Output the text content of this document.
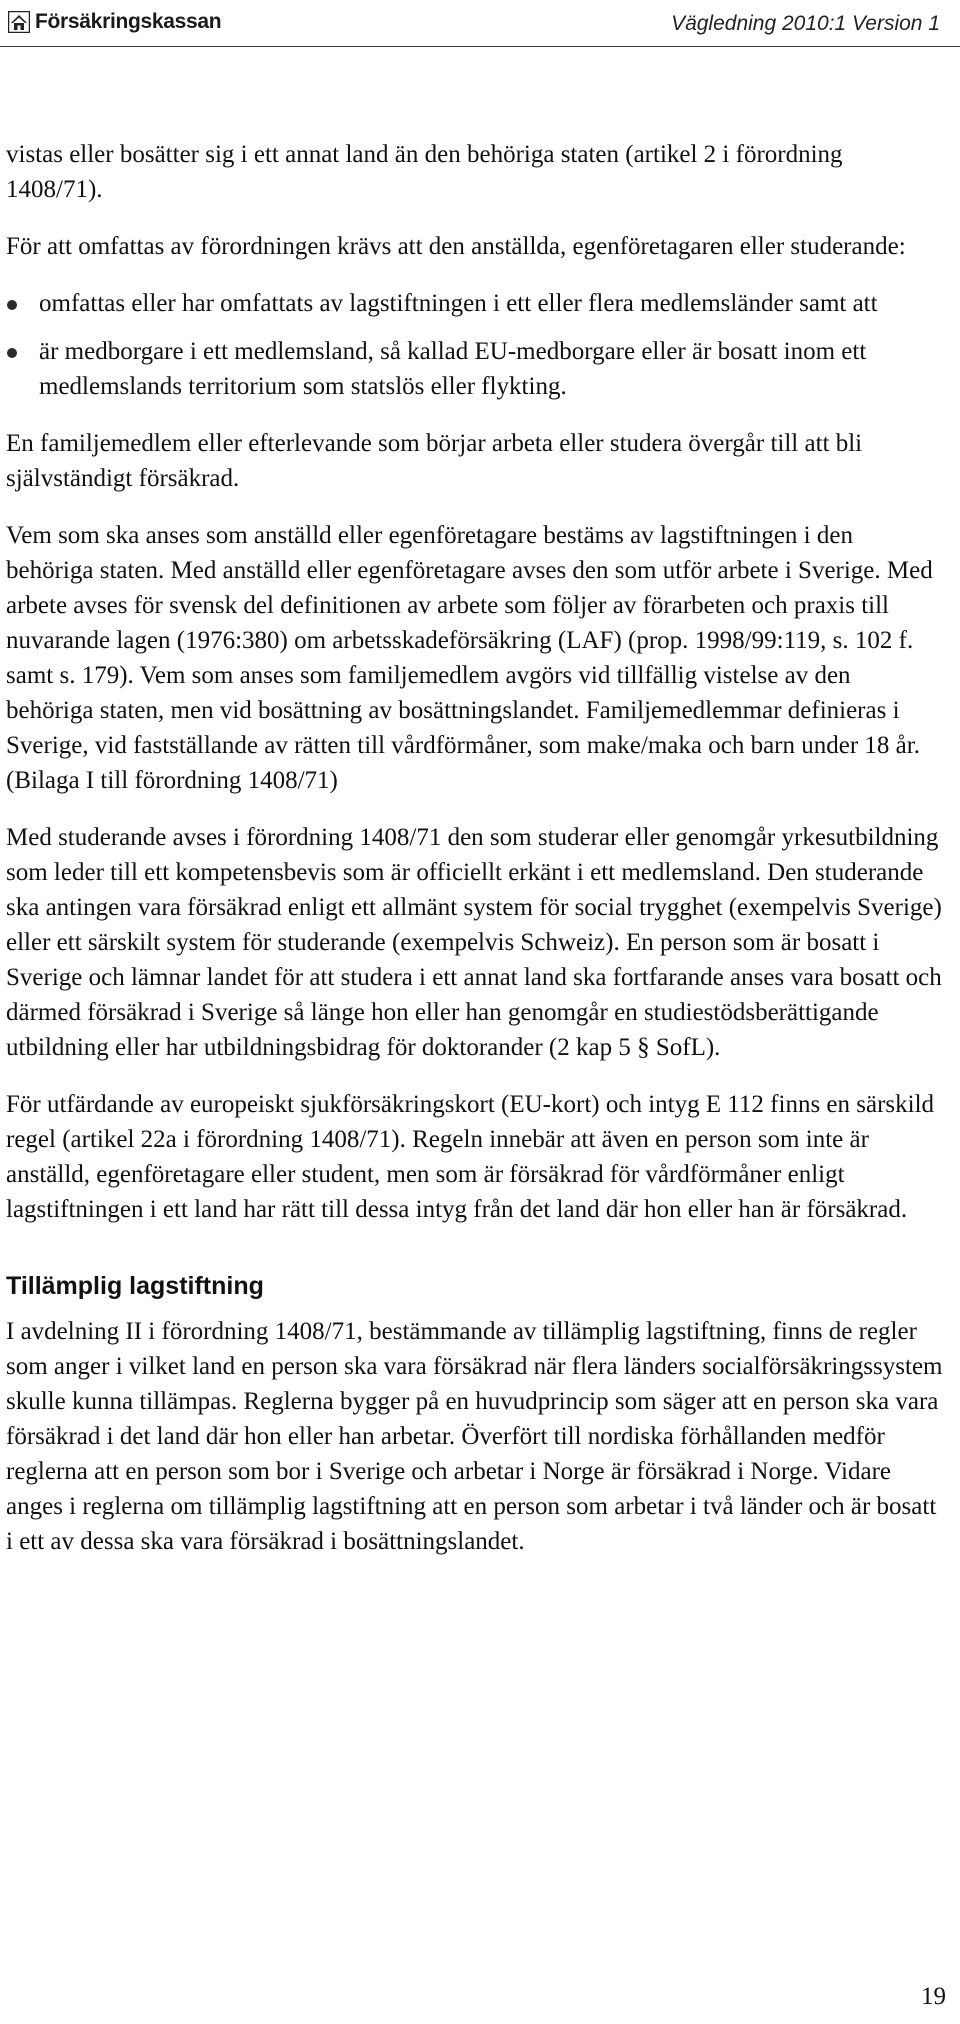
Försäkringskassan	Vägledning 2010:1 Version 1

vistas eller bosätter sig i ett annat land än den behöriga staten (artikel 2 i förordning 1408/71).

För att omfattas av förordningen krävs att den anställda, egenföretagaren eller studerande:

omfattas eller har omfattats av lagstiftningen i ett eller flera medlemsländer samt att
är medborgare i ett medlemsland, så kallad EU-medborgare eller är bosatt inom ett medlemslands territorium som statslös eller flykting.

En familjemedlem eller efterlevande som börjar arbeta eller studera övergår till att bli självständigt försäkrad.

Vem som ska anses som anställd eller egenföretagare bestäms av lagstiftningen i den behöriga staten. Med anställd eller egenföretagare avses den som utför arbete i Sverige. Med arbete avses för svensk del definitionen av arbete som följer av förarbeten och praxis till nuvarande lagen (1976:380) om arbetsskadeförsäkring (LAF) (prop. 1998/99:119, s. 102 f. samt s. 179). Vem som anses som familjemedlem avgörs vid tillfällig vistelse av den behöriga staten, men vid bosättning av bosättningslandet. Familjemedlemmar definieras i Sverige, vid fastställande av rätten till vårdförmåner, som make/maka och barn under 18 år. (Bilaga I till förordning 1408/71)

Med studerande avses i förordning 1408/71 den som studerar eller genomgår yrkesutbildning som leder till ett kompetensbevis som är officiellt erkänt i ett medlemsland. Den studerande ska antingen vara försäkrad enligt ett allmänt system för social trygghet (exempelvis Sverige) eller ett särskilt system för studerande (exempelvis Schweiz). En person som är bosatt i Sverige och lämnar landet för att studera i ett annat land ska fortfarande anses vara bosatt och därmed försäkrad i Sverige så länge hon eller han genomgår en studiestödsberättigande utbildning eller har utbildningsbidrag för doktorander (2 kap 5 § SofL).

För utfärdande av europeiskt sjukförsäkringskort (EU-kort) och intyg E 112 finns en särskild regel (artikel 22a i förordning 1408/71). Regeln innebär att även en person som inte är anställd, egenföretagare eller student, men som är försäkrad för vårdförmåner enligt lagstiftningen i ett land har rätt till dessa intyg från det land där hon eller han är försäkrad.

Tillämplig lagstiftning

I avdelning II i förordning 1408/71, bestämmande av tillämplig lagstiftning, finns de regler som anger i vilket land en person ska vara försäkrad när flera länders socialförsäkringssystem skulle kunna tillämpas. Reglerna bygger på en huvudprincip som säger att en person ska vara försäkrad i det land där hon eller han arbetar. Överfört till nordiska förhållanden medför reglerna att en person som bor i Sverige och arbetar i Norge är försäkrad i Norge. Vidare anges i reglerna om tillämplig lagstiftning att en person som arbetar i två länder och är bosatt i ett av dessa ska vara försäkrad i bosättningslandet.

19
